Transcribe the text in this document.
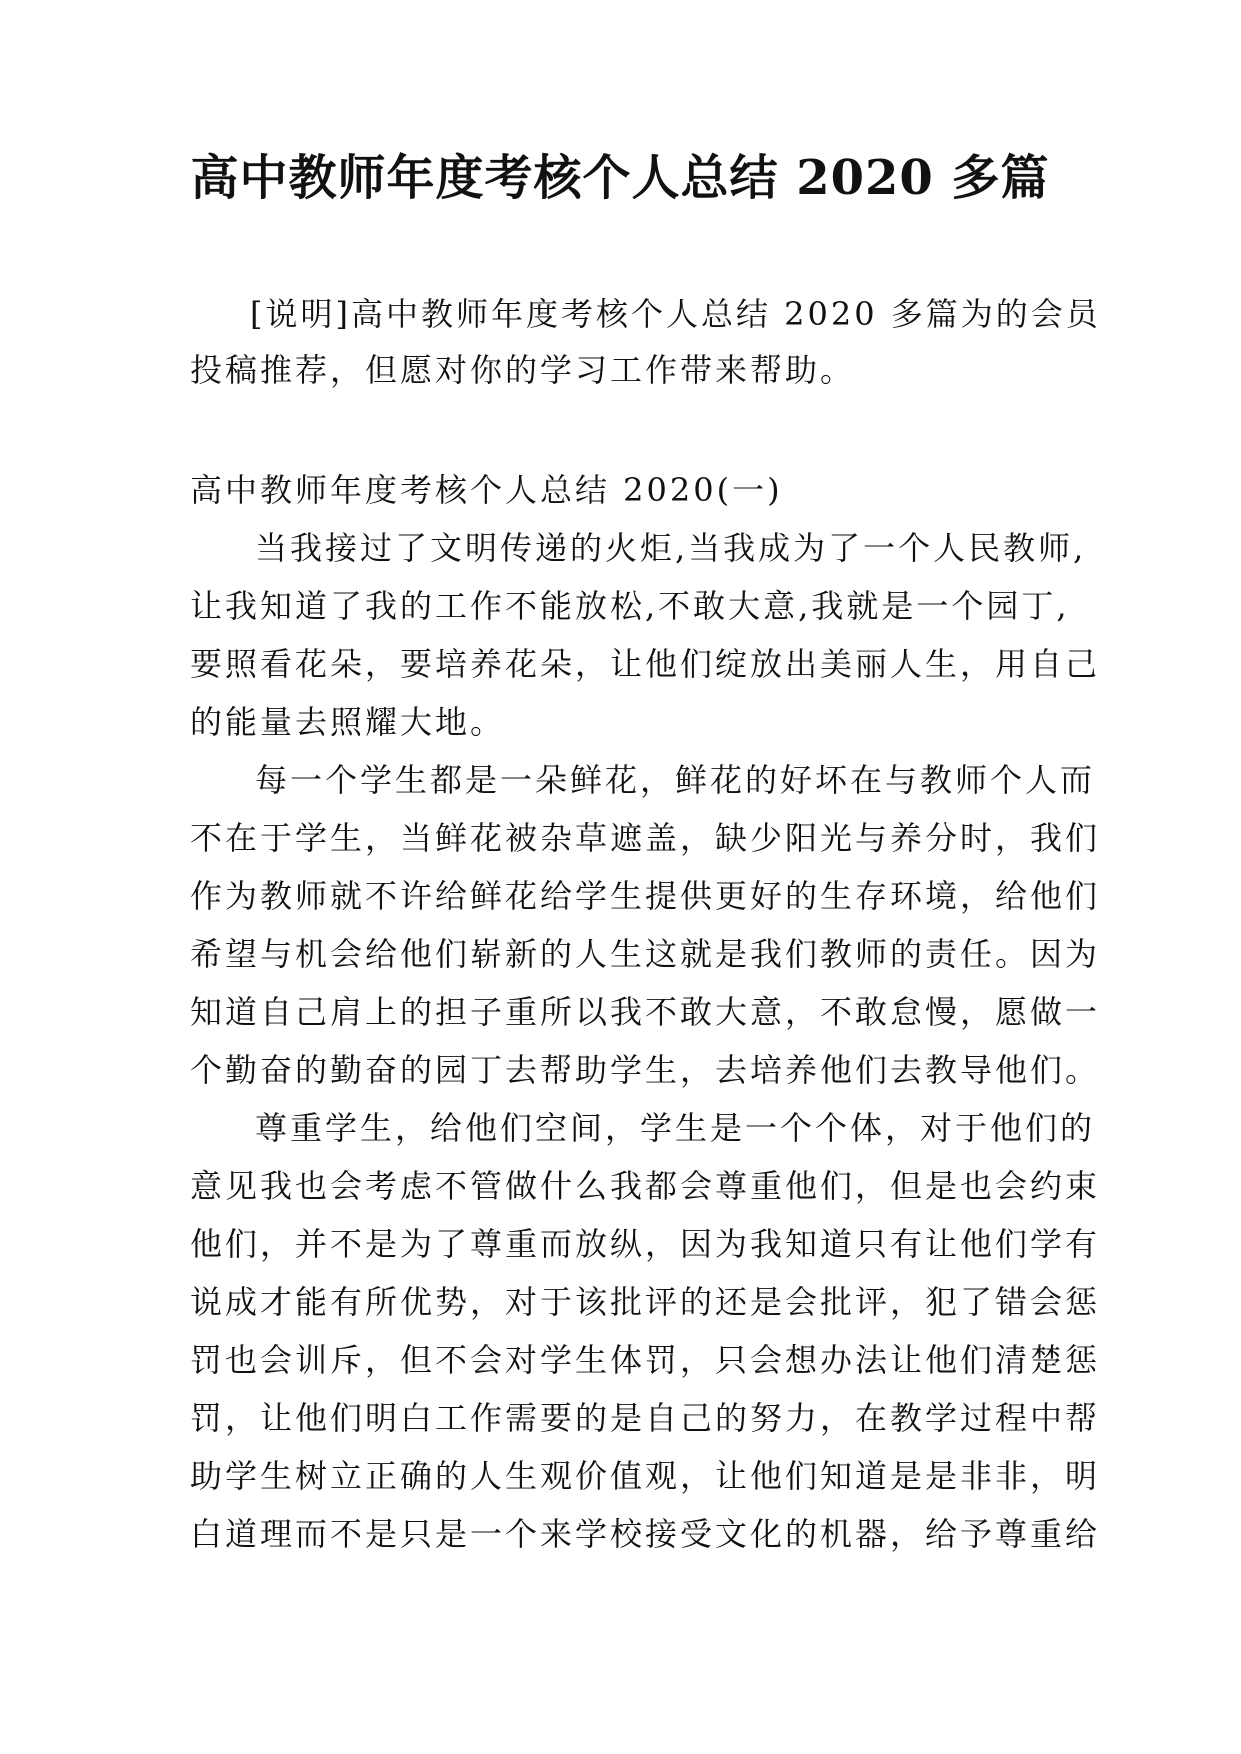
高中教师年度考核个人总结 2020 多篇
[说明]高中教师年度考核个人总结 2020 多篇为的会员
投稿推荐，但愿对你的学习工作带来帮助。
高中教师年度考核个人总结 2020(一)
当我接过了文明传递的火炬,当我成为了一个人民教师,
让我知道了我的工作不能放松,不敢大意,我就是一个园丁,
要照看花朵，要培养花朵，让他们绽放出美丽人生，用自己
的能量去照耀大地。
每一个学生都是一朵鲜花，鲜花的好坏在与教师个人而
不在于学生，当鲜花被杂草遮盖，缺少阳光与养分时，我们
作为教师就不许给鲜花给学生提供更好的生存环境，给他们
希望与机会给他们崭新的人生这就是我们教师的责任。因为
知道自己肩上的担子重所以我不敢大意，不敢怠慢，愿做一
个勤奋的勤奋的园丁去帮助学生，去培养他们去教导他们。
尊重学生，给他们空间，学生是一个个体，对于他们的
意见我也会考虑不管做什么我都会尊重他们，但是也会约束
他们，并不是为了尊重而放纵，因为我知道只有让他们学有
说成才能有所优势，对于该批评的还是会批评，犯了错会惩
罚也会训斥，但不会对学生体罚，只会想办法让他们清楚惩
罚，让他们明白工作需要的是自己的努力，在教学过程中帮
助学生树立正确的人生观价值观，让他们知道是是非非，明
白道理而不是只是一个来学校接受文化的机器，给予尊重给
